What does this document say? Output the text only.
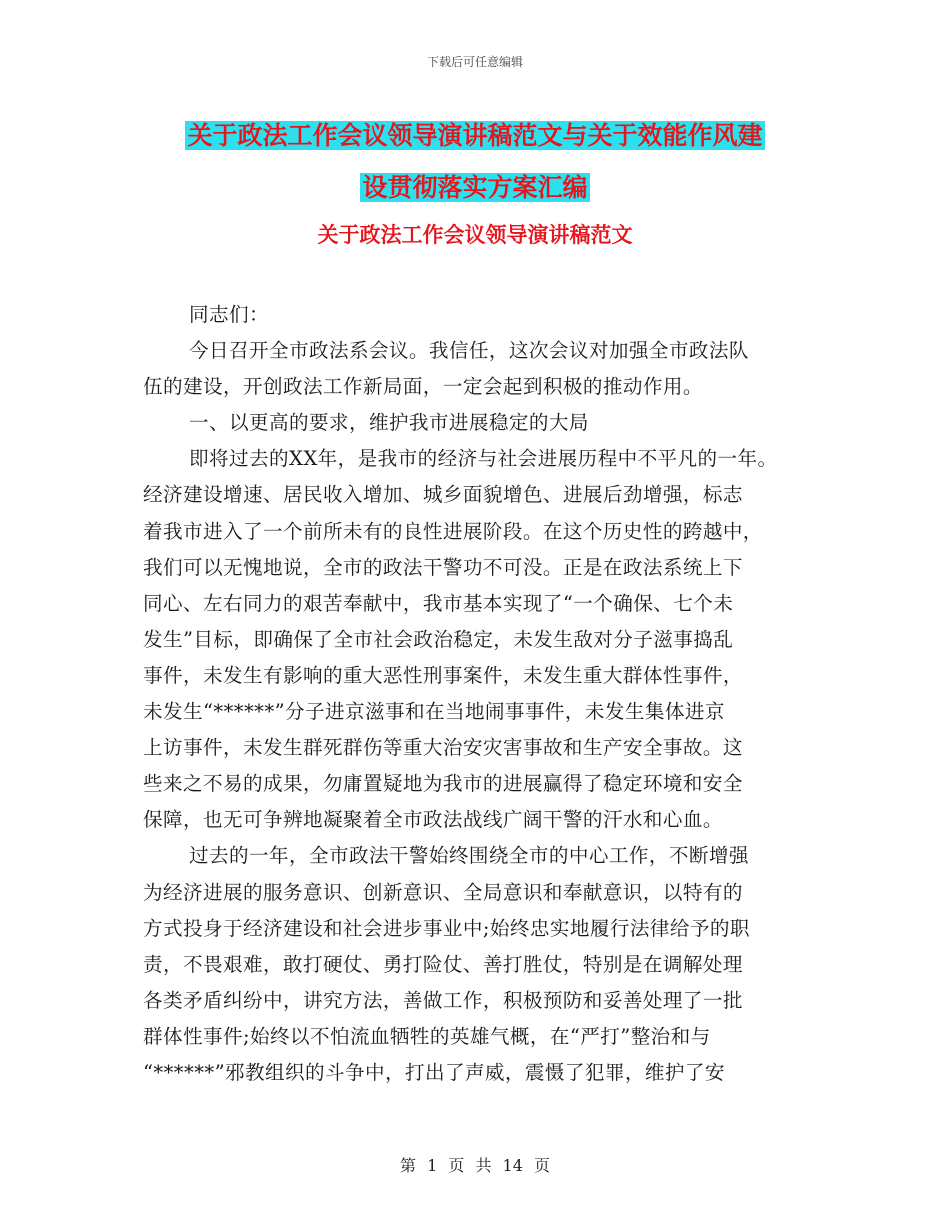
下载后可任意编辑
关于政法工作会议领导演讲稿范文与关于效能作风建
设贯彻落实方案汇编
关于政法工作会议领导演讲稿范文
同志们：
今日召开全市政法系会议。我信任，这次会议对加强全市政法队
伍的建设，开创政法工作新局面，一定会起到积极的推动作用。
一、以更高的要求，维护我市进展稳定的大局
即将过去的XX年，是我市的经济与社会进展历程中不平凡的一年。
经济建设增速、居民收入增加、城乡面貌增色、进展后劲增强，标志
着我市进入了一个前所未有的良性进展阶段。在这个历史性的跨越中，
我们可以无愧地说，全市的政法干警功不可没。正是在政法系统上下
同心、左右同力的艰苦奉献中，我市基本实现了“一个确保、七个未
发生”目标，即确保了全市社会政治稳定，未发生敌对分子滋事捣乱
事件，未发生有影响的重大恶性刑事案件，未发生重大群体性事件，
未发生“******”分子进京滋事和在当地闹事事件，未发生集体进京
上访事件，未发生群死群伤等重大治安灾害事故和生产安全事故。这
些来之不易的成果，勿庸置疑地为我市的进展赢得了稳定环境和安全
保障，也无可争辨地凝聚着全市政法战线广阔干警的汗水和心血。
过去的一年，全市政法干警始终围绕全市的中心工作，不断增强
为经济进展的服务意识、创新意识、全局意识和奉献意识，以特有的
方式投身于经济建设和社会进步事业中;始终忠实地履行法律给予的职
责，不畏艰难，敢打硬仗、勇打险仗、善打胜仗，特别是在调解处理
各类矛盾纠纷中，讲究方法，善做工作，积极预防和妥善处理了一批
群体性事件;始终以不怕流血牺牲的英雄气概，在“严打”整治和与
“******”邪教组织的斗争中，打出了声威，震慑了犯罪，维护了安
第 1 页 共 14 页
